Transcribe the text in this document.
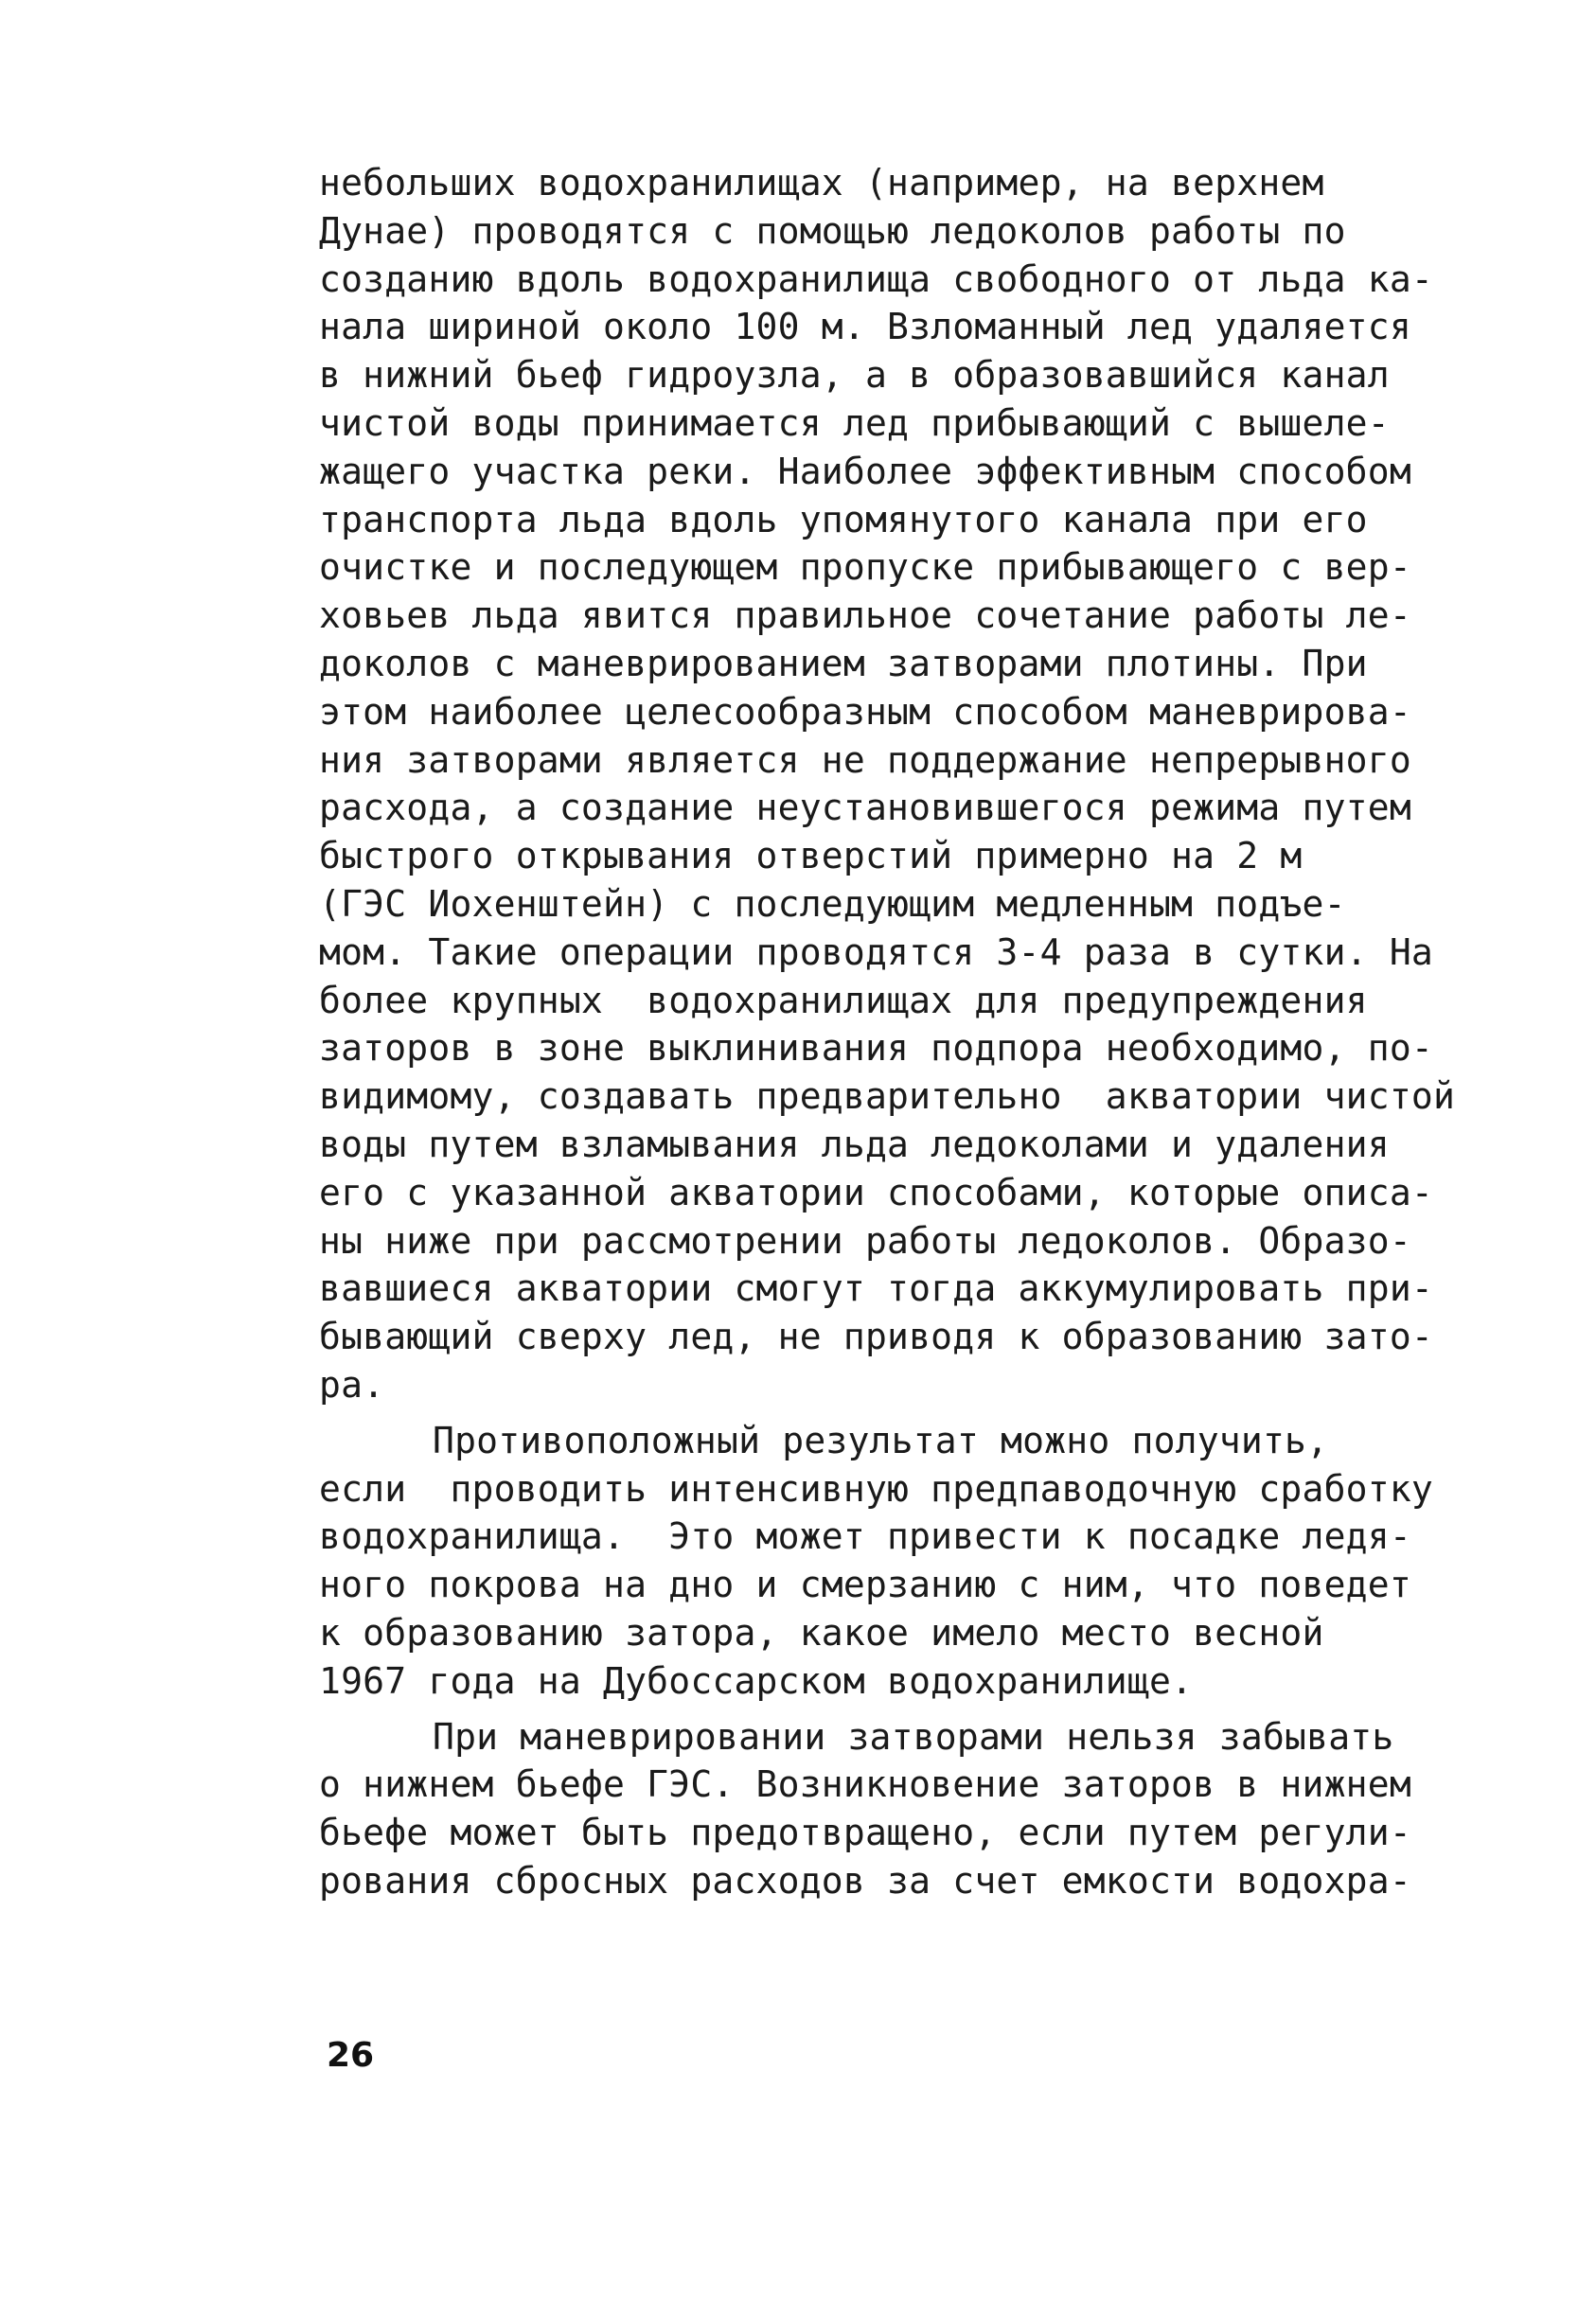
небольших водохранилищах (например, на верхнем
Дунае) проводятся с помощью ледоколов работы по
созданию вдоль водохранилища свободного от льда ка-
нала шириной около 100 м. Взломанный лед удаляется
в нижний бьеф гидроузла, а в образовавшийся канал
чистой воды принимается лед прибывающий с вышеле-
жащего участка реки. Наиболее эффективным способом
транспорта льда вдоль упомянутого канала при его
очистке и последующем пропуске прибывающего с вер-
ховьев льда явится правильное сочетание работы ле-
доколов с маневрированием затворами плотины. При
этом наиболее целесообразным способом маневрирова-
ния затворами является не поддержание непрерывного
расхода, а создание неустановившегося режима путем
быстрого открывания отверстий примерно на 2 м
(ГЭС Иохенштейн) с последующим медленным подъе-
мом. Такие операции проводятся 3-4 раза в сутки. На
более крупных  водохранилищах для предупреждения
заторов в зоне выклинивания подпора необходимо, по-
видимому, создавать предварительно  акватории чистой
воды путем взламывания льда ледоколами и удаления
его с указанной акватории способами, которые описа-
ны ниже при рассмотрении работы ледоколов. Образо-
вавшиеся акватории смогут тогда аккумулировать при-
бывающий сверху лед, не приводя к образованию зато-
ра.
Противоположный результат можно получить,
если  проводить интенсивную предпаводочную сработку
водохранилища.  Это может привести к посадке ледя-
ного покрова на дно и смерзанию с ним, что поведет
к образованию затора, какое имело место весной
1967 года на Дубоссарском водохранилище.
При маневрировании затворами нельзя забывать
о нижнем бьефе ГЭС. Возникновение заторов в нижнем
бьефе может быть предотвращено, если путем регули-
рования сбросных расходов за счет емкости водохра-
26
